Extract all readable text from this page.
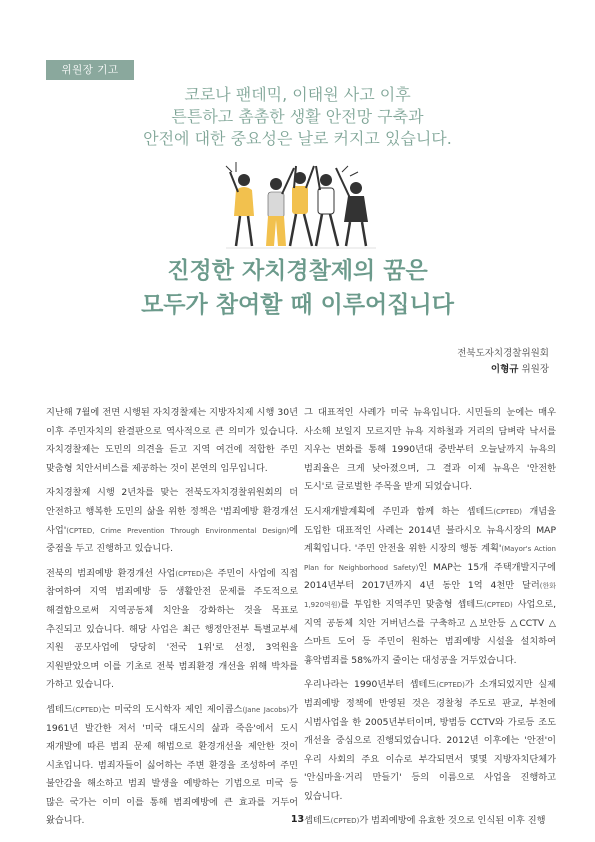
위원장 기고
코로나 팬데믹, 이태원 사고 이후
튼튼하고 촘촘한 생활 안전망 구축과
안전에 대한 중요성은 날로 커지고 있습니다.
진정한 자치경찰제의 꿈은
모두가 참여할 때 이루어집니다
전북도자치경찰위원회
이형규 위원장

지난해 7월에 전면 시행된 자치경찰제는 지방자치제 시행 30년 이후 주민자치의 완결판으로 역사적으로 큰 의미가 있습니다. 자치경찰제는 도민의 의견을 듣고 지역 여건에 적합한 주민 맞춤형 치안서비스를 제공하는 것이 본연의 임무입니다.

자치경찰제 시행 2년차를 맞는 전북도자치경찰위원회의 더 안전하고 행복한 도민의 삶을 위한 정책은 '범죄예방 환경개선 사업'(CPTED, Crime Prevention Through Environmental Design)에 중점을 두고 진행하고 있습니다.

전북의 범죄예방 환경개선 사업(CPTED)은 주민이 사업에 직접 참여하여 지역 범죄예방 등 생활안전 문제를 주도적으로 해결함으로써 지역공동체 치안을 강화하는 것을 목표로 추진되고 있습니다. 해당 사업은 최근 행정안전부 특별교부세 지원 공모사업에 당당히 '전국 1위'로 선정, 3억원을 지원받았으며 이를 기초로 전북 범죄환경 개선을 위해 박차를 가하고 있습니다.

셉테드(CPTED)는 미국의 도시학자 제인 제이콥스(Jane Jacobs)가 1961년 발간한 저서 '미국 대도시의 삶과 죽음'에서 도시 재개발에 따른 범죄 문제 해법으로 환경개선을 제안한 것이 시초입니다. 범죄자들이 싫어하는 주변 환경을 조성하여 주민 불안감을 해소하고 범죄 발생을 예방하는 기법으로 미국 등 많은 국가는 이미 이를 통해 범죄예방에 큰 효과를 거두어 왔습니다.

그 대표적인 사례가 미국 뉴욕입니다. 시민들의 눈에는 매우 사소해 보일지 모르지만 뉴욕 지하철과 거리의 담벼락 낙서를 지우는 변화를 통해 1990년대 중반부터 오늘날까지 뉴욕의 범죄율은 크게 낮아졌으며, 그 결과 이제 뉴욕은 '안전한 도시'로 글로벌한 주목을 받게 되었습니다.

도시재개발계획에 주민과 함께 하는 셉테드(CPTED) 개념을 도입한 대표적인 사례는 2014년 블라시오 뉴욕시장의 MAP 계획입니다. '주민 안전을 위한 시장의 행동 계획'(Mayor's Action Plan for Neighborhood Safety)인 MAP는 15개 주택개발지구에 2014년부터 2017년까지 4년 동안 1억 4천만 달러(한화 1,920억원)를 투입한 지역주민 맞춤형 셉테드(CPTED) 사업으로, 지역 공동체 치안 거버넌스를 구축하고 △보안등 △CCTV △스마트 도어 등 주민이 원하는 범죄예방 시설을 설치하여 흉악범죄를 58%까지 줄이는 대성공을 거두었습니다.

우리나라는 1990년부터 셉테드(CPTED)가 소개되었지만 실제 범죄예방 정책에 반영된 것은 경찰청 주도로 판교, 부천에 시범사업을 한 2005년부터이며, 방범등 CCTV와 가로등 조도 개선을 중심으로 진행되었습니다. 2012년 이후에는 '안전'이 우리 사회의 주요 이슈로 부각되면서 몇몇 지방자치단체가 '안심마을·거리 만들기' 등의 이름으로 사업을 진행하고 있습니다.

셉테드(CPTED)가 범죄예방에 유효한 것으로 인식된 이후 진행

13
